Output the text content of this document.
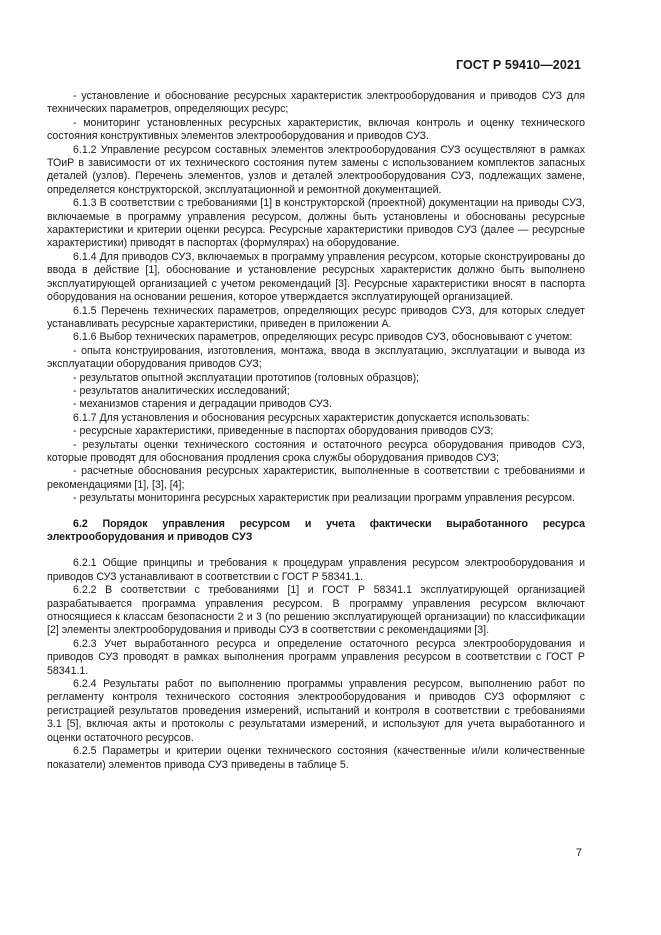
ГОСТ Р 59410—2021

- установление и обоснование ресурсных характеристик электрооборудования и приводов СУЗ для технических параметров, определяющих ресурс;

- мониторинг установленных ресурсных характеристик, включая контроль и оценку технического состояния конструктивных элементов электрооборудования и приводов СУЗ.

6.1.2 Управление ресурсом составных элементов электрооборудования СУЗ осуществляют в рамках ТОиР в зависимости от их технического состояния путем замены с использованием комплектов запасных деталей (узлов). Перечень элементов, узлов и деталей электрооборудования СУЗ, подлежащих замене, определяется конструкторской, эксплуатационной и ремонтной документацией.

6.1.3 В соответствии с требованиями [1] в конструкторской (проектной) документации на приводы СУЗ, включаемые в программу управления ресурсом, должны быть установлены и обоснованы ресурсные характеристики и критерии оценки ресурса. Ресурсные характеристики приводов СУЗ (далее — ресурсные характеристики) приводят в паспортах (формулярах) на оборудование.

6.1.4 Для приводов СУЗ, включаемых в программу управления ресурсом, которые сконструированы до ввода в действие [1], обоснование и установление ресурсных характеристик должно быть выполнено эксплуатирующей организацией с учетом рекомендаций [3]. Ресурсные характеристики вносят в паспорта оборудования на основании решения, которое утверждается эксплуатирующей организацией.

6.1.5 Перечень технических параметров, определяющих ресурс приводов СУЗ, для которых следует устанавливать ресурсные характеристики, приведен в приложении А.

6.1.6 Выбор технических параметров, определяющих ресурс приводов СУЗ, обосновывают с учетом:

- опыта конструирования, изготовления, монтажа, ввода в эксплуатацию, эксплуатации и вывода из эксплуатации оборудования приводов СУЗ;

- результатов опытной эксплуатации прототипов (головных образцов);

- результатов аналитических исследований;

- механизмов старения и деградации приводов СУЗ.

6.1.7 Для установления и обоснования ресурсных характеристик допускается использовать:

- ресурсные характеристики, приведенные в паспортах оборудования приводов СУЗ;

- результаты оценки технического состояния и остаточного ресурса оборудования приводов СУЗ, которые проводят для обоснования продления срока службы оборудования приводов СУЗ;

- расчетные обоснования ресурсных характеристик, выполненные в соответствии с требованиями и рекомендациями [1], [3], [4];

- результаты мониторинга ресурсных характеристик при реализации программ управления ресурсом.

6.2 Порядок управления ресурсом и учета фактически выработанного ресурса электрооборудования и приводов СУЗ

6.2.1 Общие принципы и требования к процедурам управления ресурсом электрооборудования и приводов СУЗ устанавливают в соответствии с ГОСТ Р 58341.1.

6.2.2 В соответствии с требованиями [1] и ГОСТ Р 58341.1 эксплуатирующей организацией разрабатывается программа управления ресурсом. В программу управления ресурсом включают относящиеся к классам безопасности 2 и 3 (по решению эксплуатирующей организации) по классификации [2] элементы электрооборудования и приводы СУЗ в соответствии с рекомендациями [3].

6.2.3 Учет выработанного ресурса и определение остаточного ресурса электрооборудования и приводов СУЗ проводят в рамках выполнения программ управления ресурсом в соответствии с ГОСТ Р 58341.1.

6.2.4 Результаты работ по выполнению программы управления ресурсом, выполнению работ по регламенту контроля технического состояния электрооборудования и приводов СУЗ оформляют с регистрацией результатов проведения измерений, испытаний и контроля в соответствии с требованиями 3.1 [5], включая акты и протоколы с результатами измерений, и используют для учета выработанного и оценки остаточного ресурсов.

6.2.5 Параметры и критерии оценки технического состояния (качественные и/или количественные показатели) элементов привода СУЗ приведены в таблице 5.

7
